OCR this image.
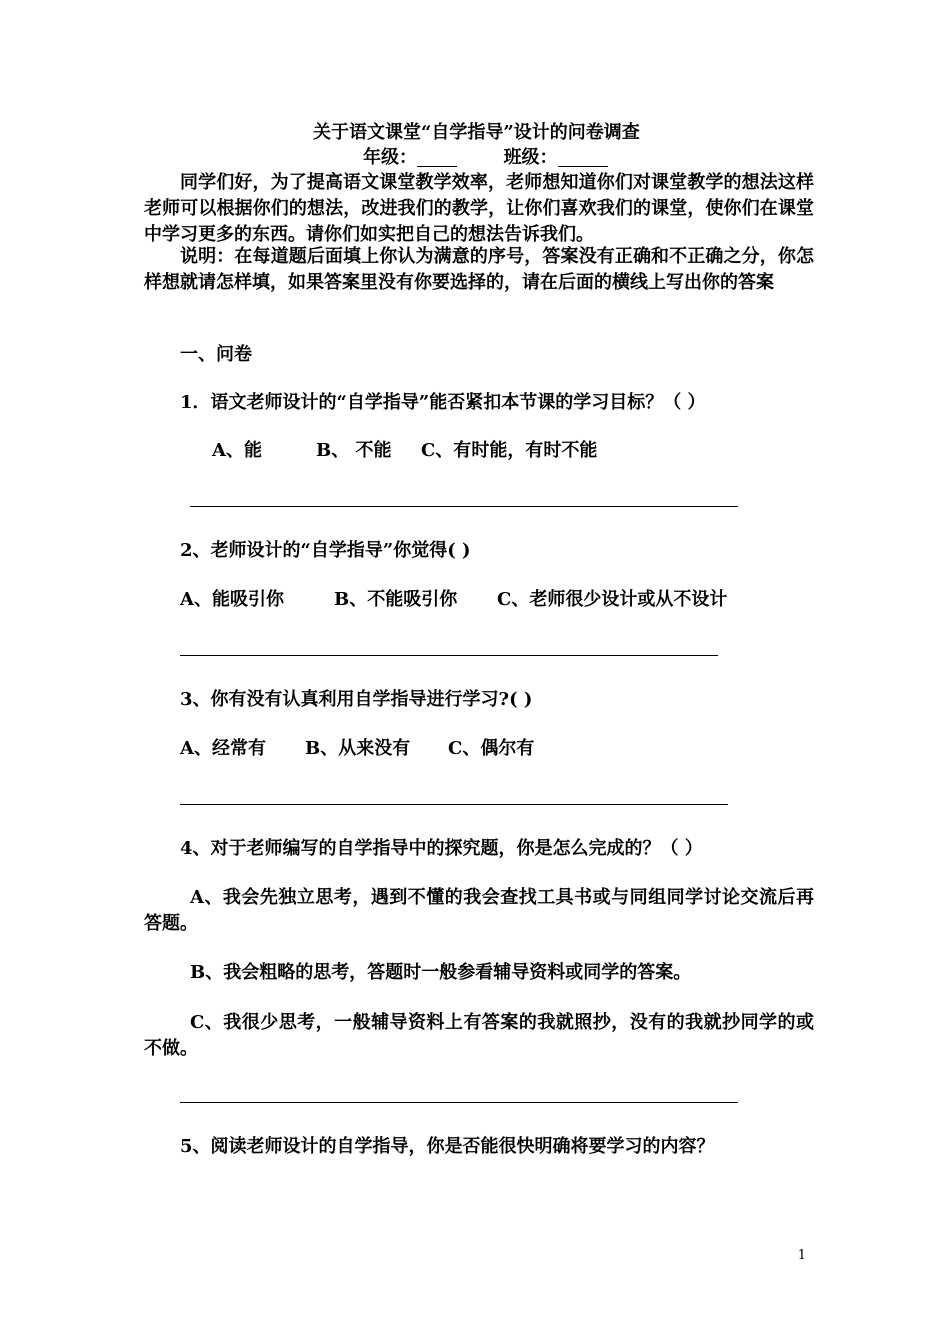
关于语文课堂“自学指导”设计的问卷调查
年级：	班级：
同学们好，为了提高语文课堂教学效率，老师想知道你们对课堂教学的想法这样老师可以根据你们的想法，改进我们的教学，让你们喜欢我们的课堂，使你们在课堂中学习更多的东西。请你们如实把自己的想法告诉我们。
说明：在每道题后面填上你认为满意的序号，答案没有正确和不正确之分，你怎样想就请怎样填，如果答案里没有你要选择的，请在后面的横线上写出你的答案
一、问卷
1．语文老师设计的“自学指导”能否紧扣本节课的学习目标？（ ）
A、能	B、 不能 C、有时能，有时不能
2、老师设计的“自学指导”你觉得( )
A、能吸引你	B、不能吸引你 C、老师很少设计或从不设计
3、你有没有认真利用自学指导进行学习?( )
A、经常有 B、从来没有 C、偶尔有
4、对于老师编写的自学指导中的探究题，你是怎么完成的？（ ）
A、我会先独立思考，遇到不懂的我会查找工具书或与同组同学讨论交流后再答题。
B、我会粗略的思考，答题时一般参看辅导资料或同学的答案。
C、我很少思考，一般辅导资料上有答案的我就照抄，没有的我就抄同学的或不做。
5、阅读老师设计的自学指导，你是否能很快明确将要学习的内容？
1
